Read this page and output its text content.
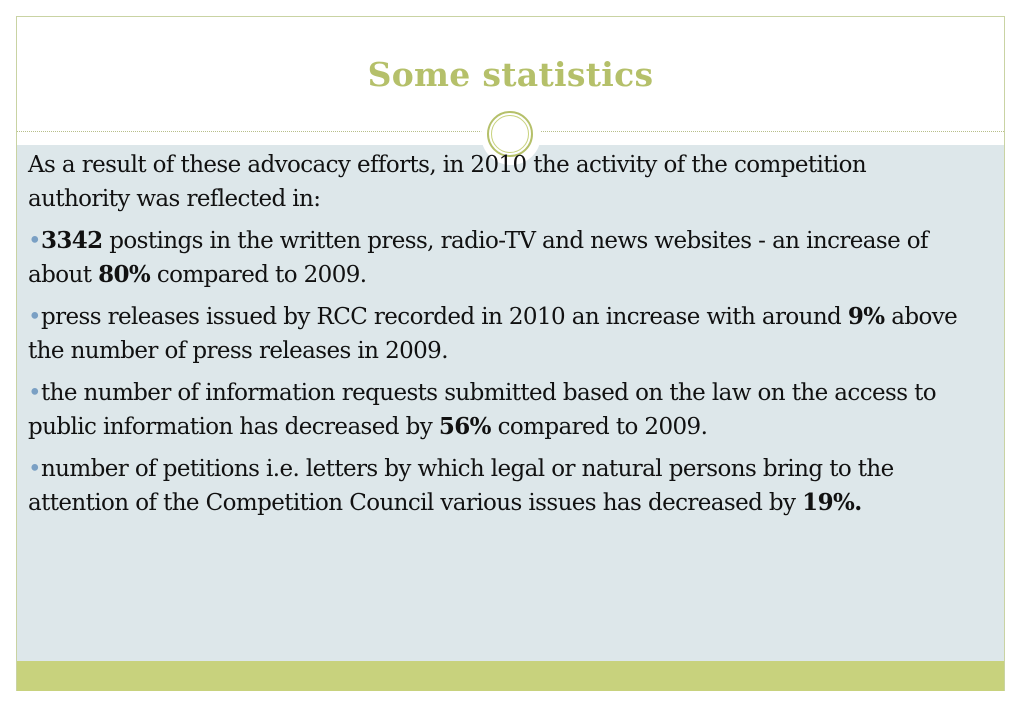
Some statistics

As a result of these advocacy efforts, in 2010 the activity of the competition authority was reflected in:

•3342 postings in the written press, radio-TV and news websites - an increase of about 80% compared to 2009.

•press releases issued by RCC recorded in 2010 an increase with around 9% above the number of press releases in 2009.

•the number of information requests submitted based on the law on the access to public information has decreased by 56% compared to 2009.

•number of petitions i.e. letters by which legal or natural persons bring to the attention of the Competition Council various issues has decreased by 19%.
